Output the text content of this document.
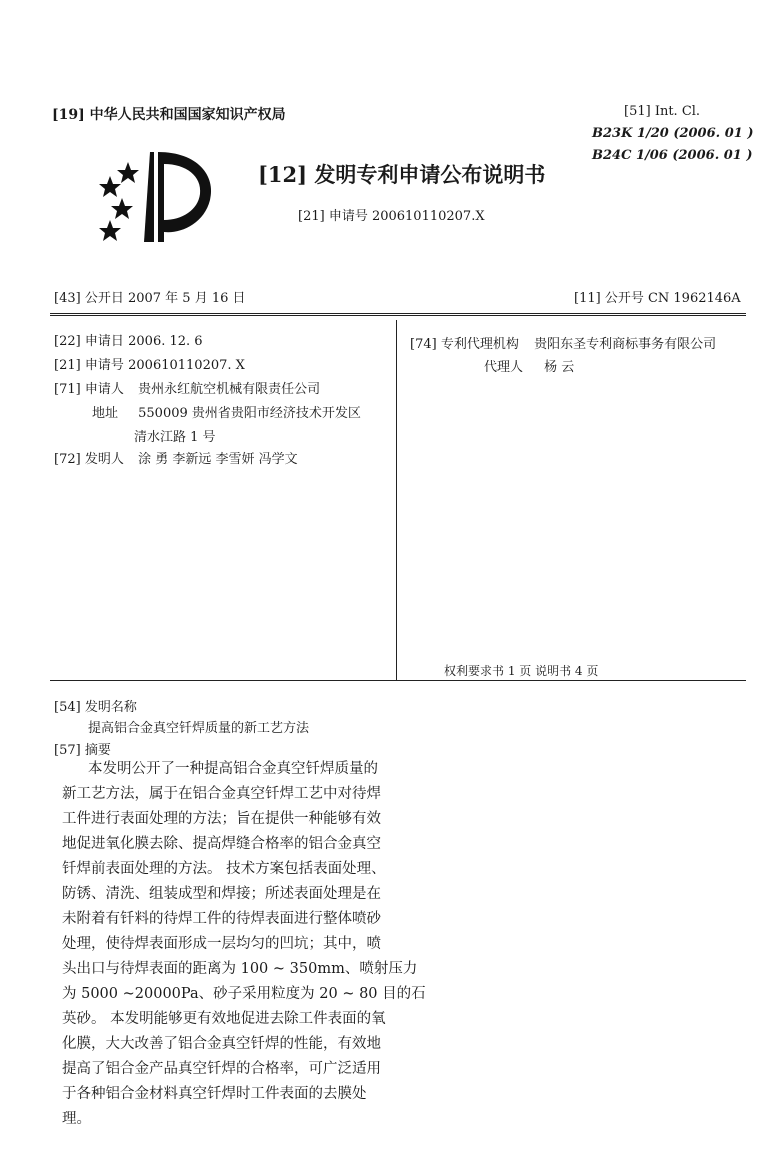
[19] 中华人民共和国国家知识产权局
[12] 发明专利申请公布说明书
[21] 申请号 200610110207.X
[51] Int. Cl.
B23K 1/20 (2006. 01 )
B24C 1/06 (2006. 01 )
[43] 公开日 2007 年 5 月 16 日	[11] 公开号 CN 1962146A
[22] 申请日 2006. 12. 6
[21] 申请号 200610110207. X
[71] 申请人 贵州永红航空机械有限责任公司
地址 550009 贵州省贵阳市经济技术开发区
清水江路 1 号
[72] 发明人 涂 勇 李新远 李雪妍 冯学文
[74] 专利代理机构 贵阳东圣专利商标事务有限公司
代理人 杨 云
权利要求书 1 页 说明书 4 页
[54] 发明名称
提高铝合金真空钎焊质量的新工艺方法
[57] 摘要
本发明公开了一种提高铝合金真空钎焊质量的
新工艺方法，属于在铝合金真空钎焊工艺中对待焊
工件进行表面处理的方法；旨在提供一种能够有效
地促进氧化膜去除、提高焊缝合格率的铝合金真空
钎焊前表面处理的方法。 技术方案包括表面处理、
防锈、清洗、组装成型和焊接；所述表面处理是在
未附着有钎料的待焊工件的待焊表面进行整体喷砂
处理，使待焊表面形成一层均匀的凹坑；其中，喷
头出口与待焊表面的距离为 100 ~ 350mm、喷射压力
为 5000 ~20000Pa、砂子采用粒度为 20 ~ 80 目的石
英砂。 本发明能够更有效地促进去除工件表面的氧
化膜，大大改善了铝合金真空钎焊的性能，有效地
提高了铝合金产品真空钎焊的合格率，可广泛适用
于各种铝合金材料真空钎焊时工件表面的去膜处
理。
